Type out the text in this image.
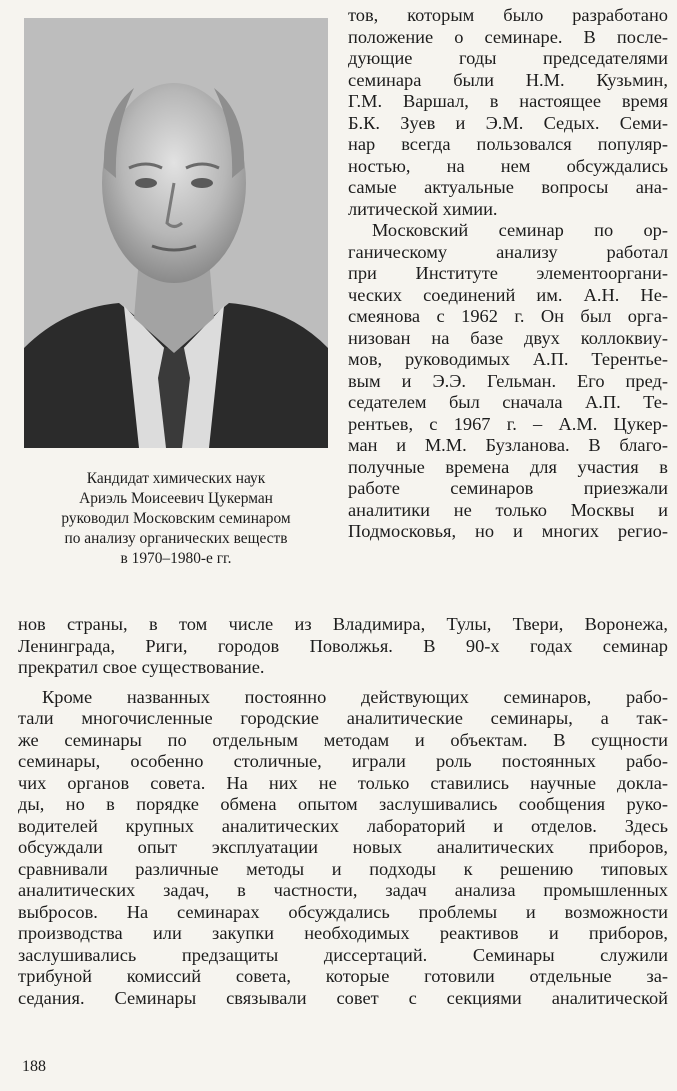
Кандидат химических наук
Ариэль Моисеевич Цукерман
руководил Московским семинаром
по анализу органических веществ
в 1970–1980-е гг.
тов, которым было разработано
положение о семинаре. В после-
дующие годы председателями
семинара были Н.М. Кузьмин,
Г.М. Варшал, в настоящее время
Б.К. Зуев и Э.М. Седых. Семи-
нар всегда пользовался популяр-
ностью, на нем обсуждались
самые актуальные вопросы ана-
литической химии.
Московский семинар по ор-
ганическому анализу работал
при Институте элементооргани-
ческих соединений им. А.Н. Не-
смеянова с 1962 г. Он был орга-
низован на базе двух коллоквиу-
мов, руководимых А.П. Терентье-
вым и Э.Э. Гельман. Его пред-
седателем был сначала А.П. Те-
рентьев, с 1967 г. – А.М. Цукер-
ман и М.М. Бузланова. В благо-
получные времена для участия в
работе семинаров приезжали
аналитики не только Москвы и
Подмосковья, но и многих регио-
нов страны, в том числе из Владимира, Тулы, Твери, Воронежа,
Ленинграда, Риги, городов Поволжья. В 90-х годах семинар
прекратил свое существование.
Кроме названных постоянно действующих семинаров, рабо-
тали многочисленные городские аналитические семинары, а так-
же семинары по отдельным методам и объектам. В сущности
семинары, особенно столичные, играли роль постоянных рабо-
чих органов совета. На них не только ставились научные докла-
ды, но в порядке обмена опытом заслушивались сообщения руко-
водителей крупных аналитических лабораторий и отделов. Здесь
обсуждали опыт эксплуатации новых аналитических приборов,
сравнивали различные методы и подходы к решению типовых
аналитических задач, в частности, задач анализа промышленных
выбросов. На семинарах обсуждались проблемы и возможности
производства или закупки необходимых реактивов и приборов,
заслушивались предзащиты диссертаций. Семинары служили
трибуной комиссий совета, которые готовили отдельные за-
седания. Семинары связывали совет с секциями аналитической
188
